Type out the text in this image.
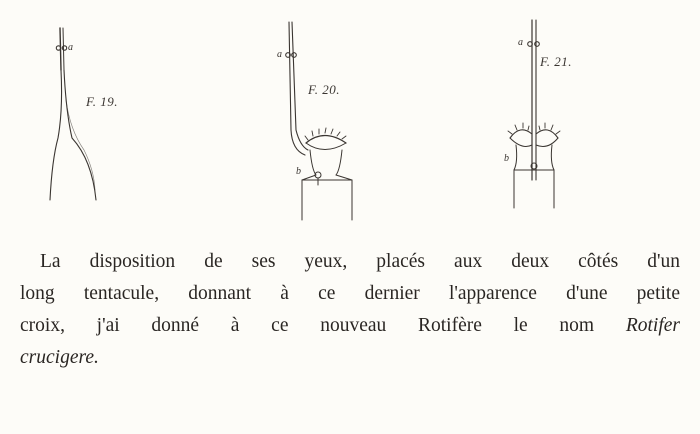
F. 19.
a
F. 20.
a
b
F. 21.
a
b
La disposition de ses yeux, placés aux deux côtés d'un
long tentacule, donnant à ce dernier l'apparence d'une petite
croix, j'ai donné à ce nouveau Rotifère le nom Rotifer
crucigere.
